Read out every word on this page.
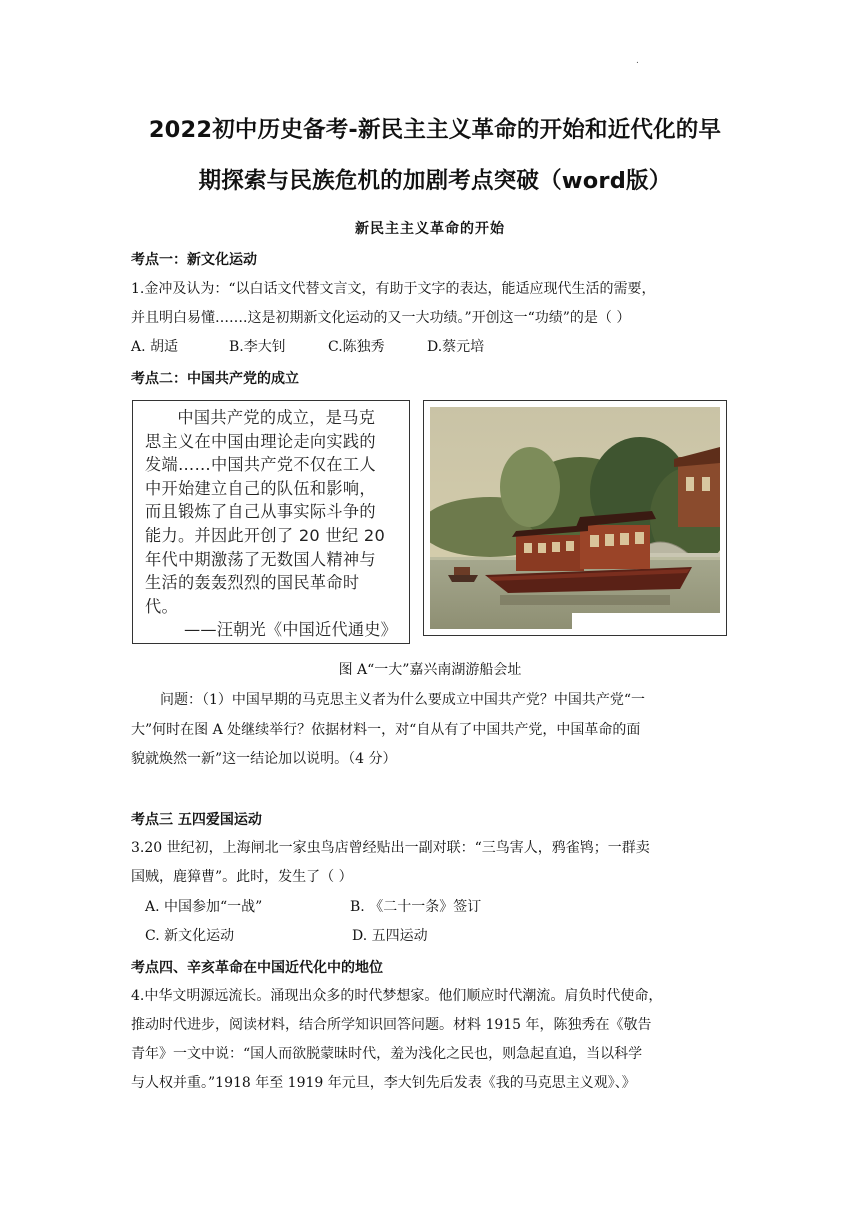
.
2022初中历史备考-新民主主义革命的开始和近代化的早
期探索与民族危机的加剧考点突破（word版）
新民主主义革命的开始
考点一：新文化运动
1.金冲及认为：“以白话文代替文言文，有助于文字的表达，能适应现代生活的需要，
并且明白易懂…….这是初期新文化运动的又一大功绩。”开创这一“功绩”的是（ ）
A. 胡适	B.李大钊	C.陈独秀	D.蔡元培
考点二：中国共产党的成立

中国共产党的成立，是马克

思主义在中国由理论走向实践的

发端……中国共产党不仅在工人

中开始建立自己的队伍和影响，

而且锻炼了自己从事实际斗争的

能力。并因此开创了 20 世纪 20

年代中期激荡了无数国人精神与

生活的轰轰烈烈的国民革命时

代。

——汪朝光《中国近代通史》

图 A“一大”嘉兴南湖游船会址
问题：（1）中国早期的马克思主义者为什么要成立中国共产党？中国共产党“一
大”何时在图 A 处继续举行？依据材料一，对“自从有了中国共产党，中国革命的面
貌就焕然一新”这一结论加以说明。（4 分）
考点三 五四爱国运动
3.20 世纪初，上海闸北一家虫鸟店曾经贴出一副对联：“三鸟害人，鸦雀鸨；一群卖
国贼，鹿獐曹”。此时，发生了（ ）
A. 中国参加“一战”	B. 《二十一条》签订
C. 新文化运动	D. 五四运动
考点四、辛亥革命在中国近代化中的地位
4.中华文明源远流长。涌现出众多的时代梦想家。他们顺应时代潮流。肩负时代使命，
推动时代进步，阅读材料，结合所学知识回答问题。材料 1915 年，陈独秀在《敬告
青年》一文中说：“国人而欲脱蒙昧时代，羞为浅化之民也，则急起直追，当以科学
与人权并重。”1918 年至 1919 年元旦，李大钊先后发表《我的马克思主义观》、》
